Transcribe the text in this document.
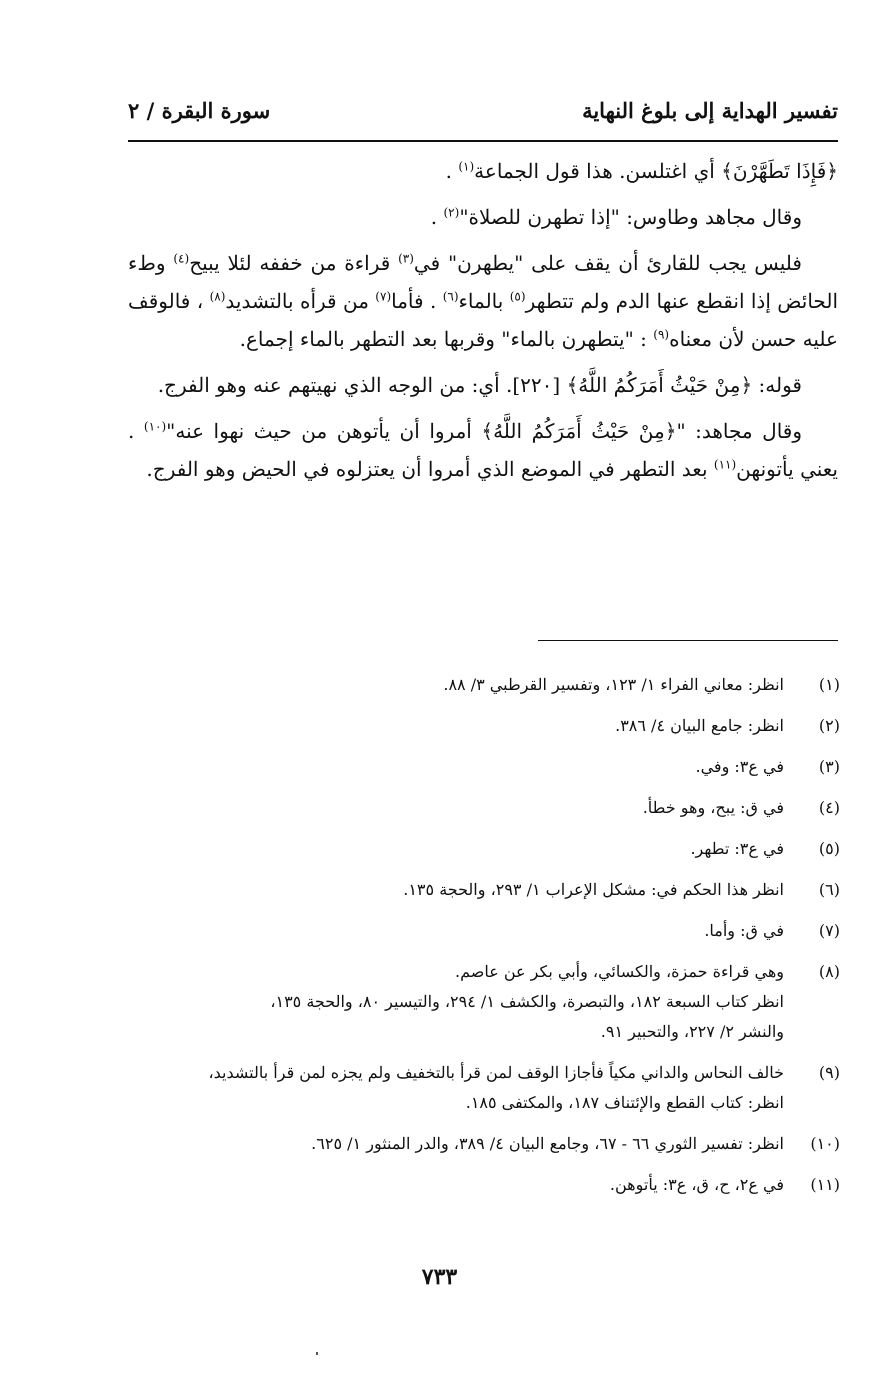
تفسير الهداية إلى بلوغ النهاية
سورة البقرة / ٢

﴿فَإِذَا تَطَهَّرْنَ﴾ أي اغتلسن. هذا قول الجماعة$^{(١)}$ .

وقال مجاهد وطاوس: "إذا تطهرن للصلاة"$^{(٢)}$ .

فليس يجب للقارئ أن يقف على "يطهرن" في$^{(٣)}$ قراءة من خففه لئلا يبيح$^{(٤)}$ وطء الحائض إذا انقطع عنها الدم ولم تتطهر$^{(٥)}$ بالماء$^{(٦)}$ . فأما$^{(٧)}$ من قرأه بالتشديد$^{(٨)}$ ، فالوقف عليه حسن لأن معناه$^{(٩)}$ : "يتطهرن بالماء" وقربها بعد التطهر بالماء إجماع.

قوله: ﴿مِنْ حَيْثُ أَمَرَكُمُ اللَّهُ﴾ [٢٢٠]. أي: من الوجه الذي نهيتهم عنه وهو الفرج.

وقال مجاهد: "﴿مِنْ حَيْثُ أَمَرَكُمُ اللَّهُ﴾ أمروا أن يأتوهن من حيث نهوا عنه"$^{(١٠)}$ . يعني يأتونهن$^{(١١)}$ بعد التطهر في الموضع الذي أمروا أن يعتزلوه في الحيض وهو الفرج.

(١)
انظر: معاني الفراء ١/ ١٢٣، وتفسير القرطبي ٣/ ٨٨.
(٢)
انظر: جامع البيان ٤/ ٣٨٦.
(٣)
في ع٣: وفي.
(٤)
في ق: يبح، وهو خطأ.
(٥)
في ع٣: تطهر.
(٦)
انظر هذا الحكم في: مشكل الإعراب ١/ ٢٩٣، والحجة ١٣٥.
(٧)
في ق: وأما.
(٨)
وهي قراءة حمزة، والكسائي، وأبي بكر عن عاصم.
انظر كتاب السبعة ١٨٢، والتبصرة، والكشف ١/ ٢٩٤، والتيسير ٨٠، والحجة ١٣٥،
والنشر ٢/ ٢٢٧، والتحبير ٩١.
(٩)
خالف النحاس والداني مكياً فأجازا الوقف لمن قرأ بالتخفيف ولم يجزه لمن قرأ بالتشديد،
انظر: كتاب القطع والإئتناف ١٨٧، والمكتفى ١٨٥.
(١٠)
انظر: تفسير الثوري ٦٦ - ٦٧، وجامع البيان ٤/ ٣٨٩، والدر المنثور ١/ ٦٢٥.
(١١)
في ع٢، ح، ق، ع٣: يأتوهن.
٧٣٣
